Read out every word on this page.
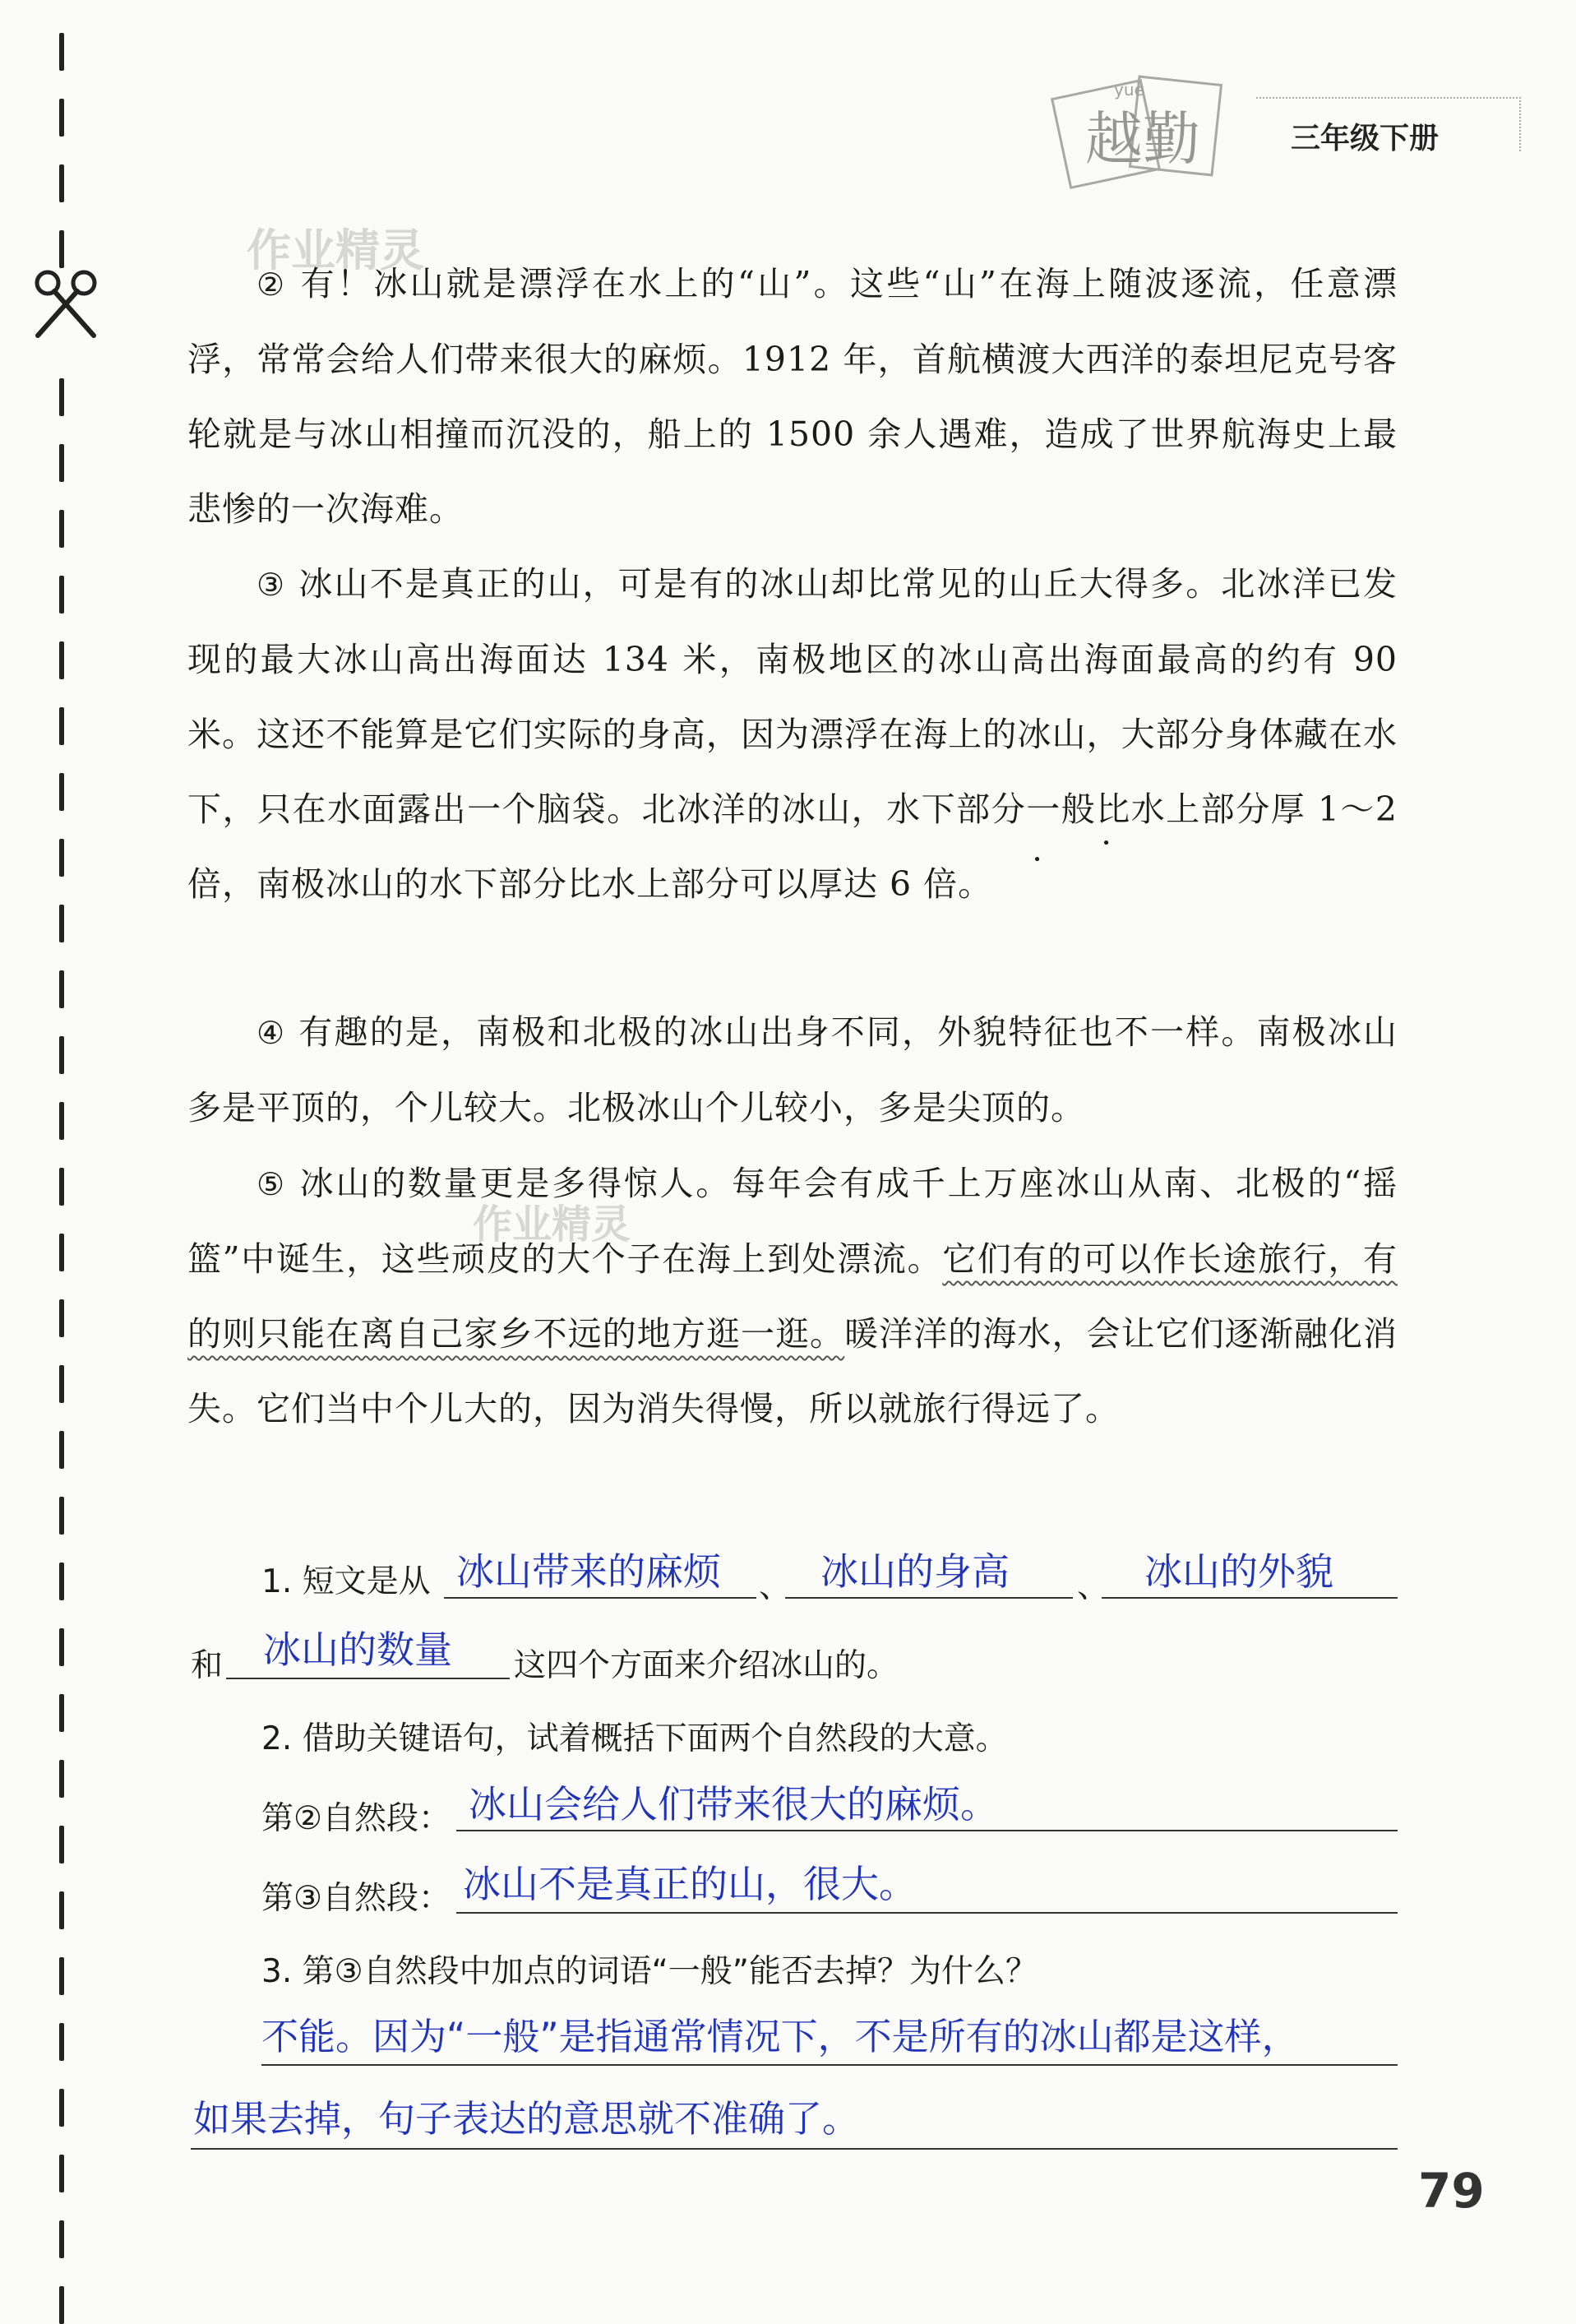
越勤
yuè
三年级下册
作业精灵
作业精灵
② 有！冰山就是漂浮在水上的“山”。这些“山”在海上随波逐流，任意漂浮，常常会给人们带来很大的麻烦。1912 年，首航横渡大西洋的泰坦尼克号客轮就是与冰山相撞而沉没的，船上的 1500 余人遇难，造成了世界航海史上最悲惨的一次海难。
③ 冰山不是真正的山，可是有的冰山却比常见的山丘大得多。北冰洋已发现的最大冰山高出海面达 134 米，南极地区的冰山高出海面最高的约有 90 米。这还不能算是它们实际的身高，因为漂浮在海上的冰山，大部分身体藏在水下，只在水面露出一个脑袋。北冰洋的冰山，水下部分一般 • •比水上部分厚 1～2 倍，南极冰山的水下部分比水上部分可以厚达 6 倍。
④ 有趣的是，南极和北极的冰山出身不同，外貌特征也不一样。南极冰山多是平顶的，个儿较大。北极冰山个儿较小，多是尖顶的。
⑤ 冰山的数量更是多得惊人。每年会有成千上万座冰山从南、北极的“摇篮”中诞生，这些顽皮的大个子在海上到处漂流。它们有的可以作长途旅行，有的则只能在离自己家乡不远的地方逛一逛。暖洋洋的海水，会让它们逐渐融化消失。它们当中个儿大的，因为消失得慢，所以就旅行得远了。
1. 短文是从 冰山带来的麻烦 、 冰山的身高 、 冰山的外貌
和 冰山的数量 这四个方面来介绍冰山的。
2. 借助关键语句，试着概括下面两个自然段的大意。
第②自然段： 冰山会给人们带来很大的麻烦。
第③自然段： 冰山不是真正的山，很大。
3. 第③自然段中加点的词语“一般”能否去掉？为什么？
不能。因为“一般”是指通常情况下，不是所有的冰山都是这样，
如果去掉，句子表达的意思就不准确了。
79
